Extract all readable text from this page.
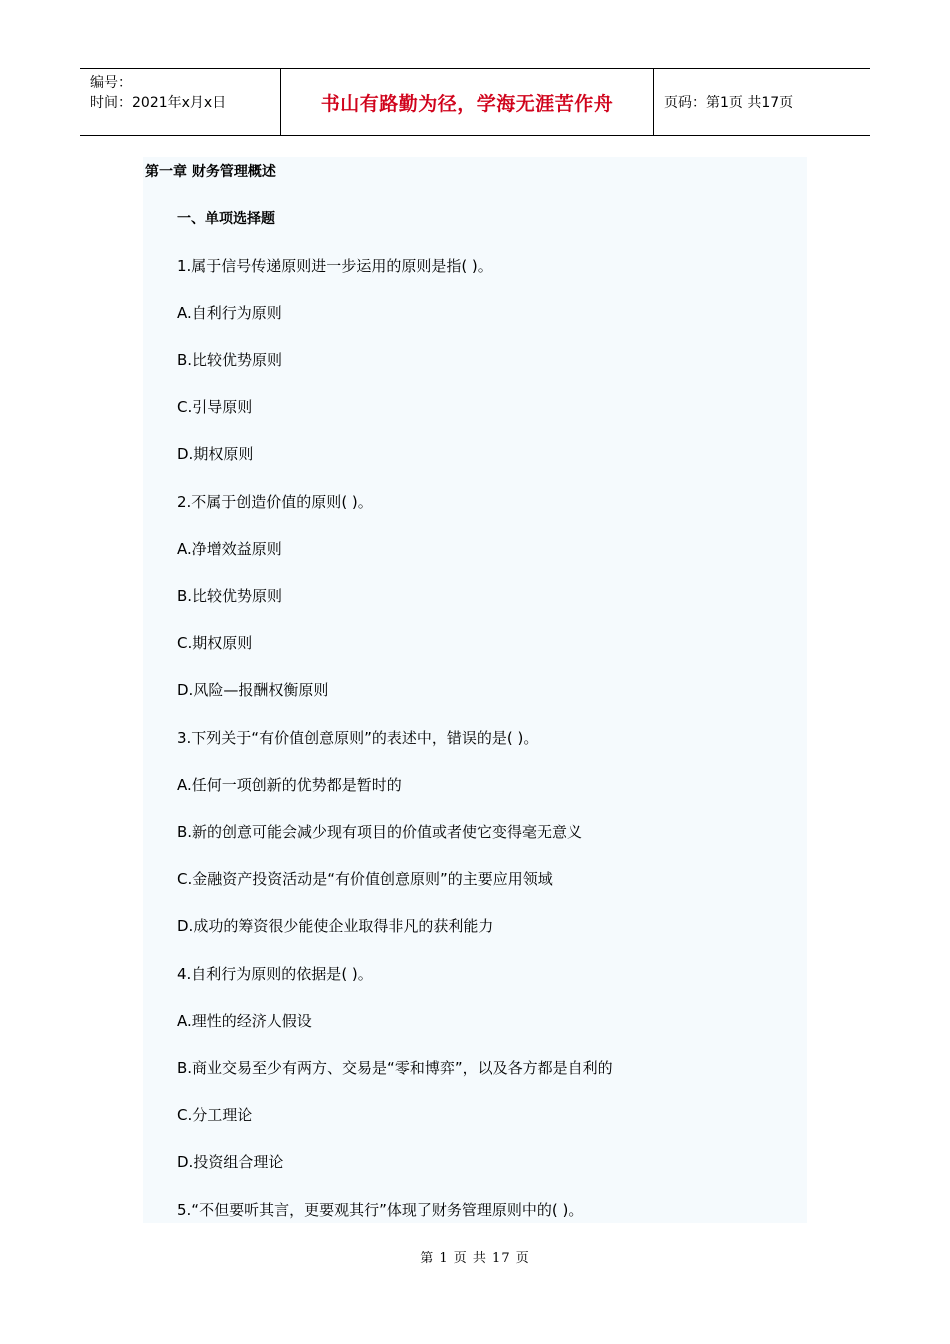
编号：
时间：2021年x月x日	书山有路勤为径，学海无涯苦作舟	页码：第1页 共17页
第一章 财务管理概述
一、单项选择题
1.属于信号传递原则进一步运用的原则是指( )。
A.自利行为原则
B.比较优势原则
C.引导原则
D.期权原则
2.不属于创造价值的原则( )。
A.净增效益原则
B.比较优势原则
C.期权原则
D.风险—报酬权衡原则
3.下列关于“有价值创意原则”的表述中，错误的是( )。
A.任何一项创新的优势都是暂时的
B.新的创意可能会减少现有项目的价值或者使它变得毫无意义
C.金融资产投资活动是“有价值创意原则”的主要应用领域
D.成功的筹资很少能使企业取得非凡的获利能力
4.自利行为原则的依据是( )。
A.理性的经济人假设
B.商业交易至少有两方、交易是“零和博弈”，以及各方都是自利的
C.分工理论
D.投资组合理论
5.“不但要听其言，更要观其行”体现了财务管理原则中的( )。
第 1 页 共 17 页
